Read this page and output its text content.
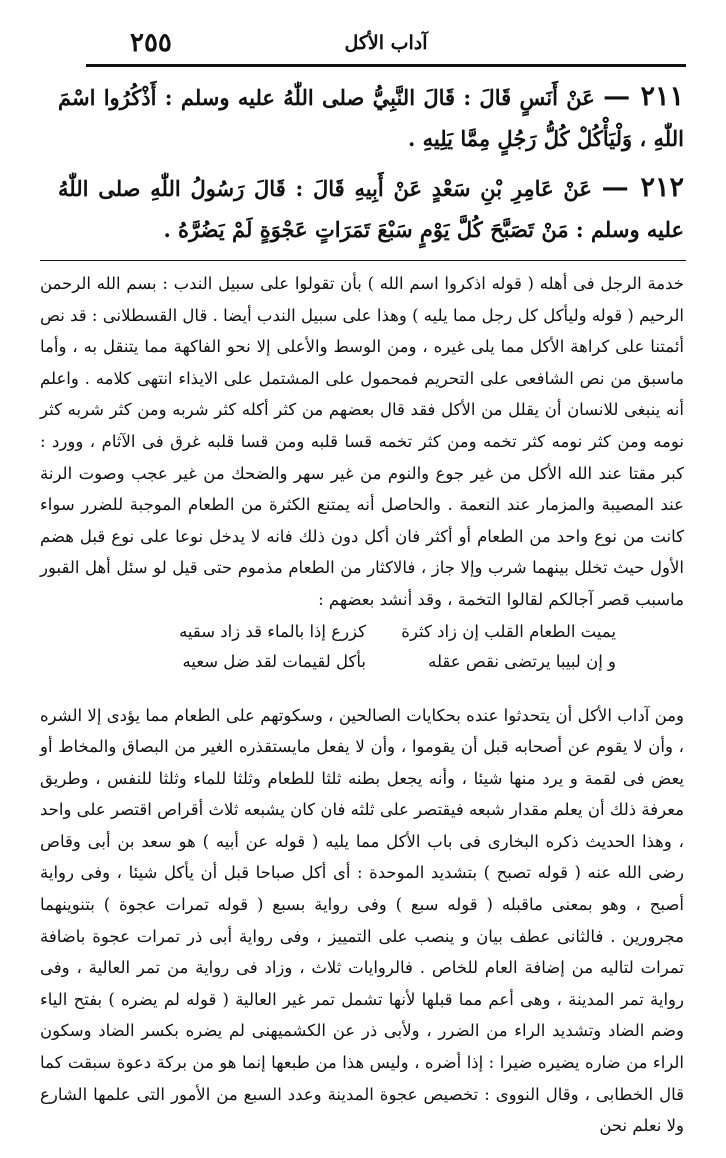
آداب الأكل
٢٥٥
٢١١ — عَنْ أَنَسٍ قَالَ : قَالَ النَّبِيُّ صلى اللّٰهُ عليه وسلم : أَذْكُرُوا اسْمَ اللّٰهِ ، وَلْيَأْكُلْ كُلُّ رَجُلٍ مِمَّا يَلِيهِ .
٢١٢ — عَنْ عَامِرِ بْنِ سَعْدٍ عَنْ أَبِيهِ قَالَ : قَالَ رَسُولُ اللّٰهِ صلى اللّٰهُ عليه وسلم : مَنْ تَصَبَّحَ كُلَّ يَوْمٍ سَبْعَ تَمَرَاتٍ عَجْوَةٍ لَمْ يَضُرَّهُ .

خدمة الرجل فى أهله ( قوله اذكروا اسم الله ) بأن تقولوا على سبيل الندب : بسم الله الرحمن الرحيم ( قوله وليأكل كل رجل مما يليه ) وهذا على سبيل الندب أيضا . قال القسطلانى : قد نص أئمتنا على كراهة الأكل مما يلى غيره ، ومن الوسط والأعلى إلا نحو الفاكهة مما يتنقل به ، وأما ماسبق من نص الشافعى على التحريم فمحمول على المشتمل على الايذاء انتهى كلامه . واعلم أنه ينبغى للانسان أن يقلل من الأكل فقد قال بعضهم من كثر أكله كثر شربه ومن كثر شربه كثر نومه ومن كثر نومه كثر تخمه ومن كثر تخمه قسا قلبه ومن قسا قلبه غرق فى الآثام ، وورد : كبر مقتا عند الله الأكل من غير جوع والنوم من غير سهر والضحك من غير عجب وصوت الرنة عند المصيبة والمزمار عند النعمة . والحاصل أنه يمتنع الكثرة من الطعام الموجبة للضرر سواء كانت من نوع واحد من الطعام أو أكثر فان أكل دون ذلك فانه لا يدخل نوعا على نوع قبل هضم الأول حيث تخلل بينهما شرب وإلا جاز ، فالاكثار من الطعام مذموم حتى قيل لو سئل أهل القبور ماسبب قصر آجالكم لقالوا التخمة ، وقد أنشد بعضهم :

يميت الطعام القلب إن زاد كثرة
كزرع إذا بالماء قد زاد سقيه
و إن لبيبا يرتضى نقص عقله
بأكل لقيمات لقد ضل سعيه

ومن آداب الأكل أن يتحدثوا عنده بحكايات الصالحين ، وسكوتهم على الطعام مما يؤدى إلا الشره ، وأن لا يقوم عن أصحابه قبل أن يقوموا ، وأن لا يفعل مايستقذره الغير من البصاق والمخاط أو يعض فى لقمة و يرد منها شيئا ، وأنه يجعل بطنه ثلثا للطعام وثلثا للماء وثلثا للنفس ، وطريق معرفة ذلك أن يعلم مقدار شبعه فيقتصر على ثلثه فان كان يشبعه ثلاث أقراص اقتصر على واحد ، وهذا الحديث ذكره البخارى فى باب الأكل مما يليه ( قوله عن أبيه ) هو سعد بن أبى وقاص رضى الله عنه ( قوله تصبح ) بتشديد الموحدة : أى أكل صباحا قبل أن يأكل شيئا ، وفى رواية أصبح ، وهو بمعنى ماقبله ( قوله سبع ) وفى رواية بسبع ( قوله تمرات عجوة ) بتنوينهما مجرورين . فالثانى عطف بيان و ينصب على التمييز ، وفى رواية أبى ذر تمرات عجوة باضافة تمرات لتاليه من إضافة العام للخاص . فالروايات ثلاث ، وزاد فى رواية من تمر العالية ، وفى رواية تمر المدينة ، وهى أعم مما قبلها لأنها تشمل تمر غير العالية ( قوله لم يضره ) بفتح الياء وضم الضاد وتشديد الراء من الضرر ، ولأبى ذر عن الكشميهنى لم يضره بكسر الضاد وسكون الراء من ضاره يضيره ضيرا : إذا أضره ، وليس هذا من طبعها إنما هو من بركة دعوة سبقت كما قال الخطابى ، وقال النووى : تخصيص عجوة المدينة وعدد السبع من الأمور التى علمها الشارع ولا نعلم نحن
